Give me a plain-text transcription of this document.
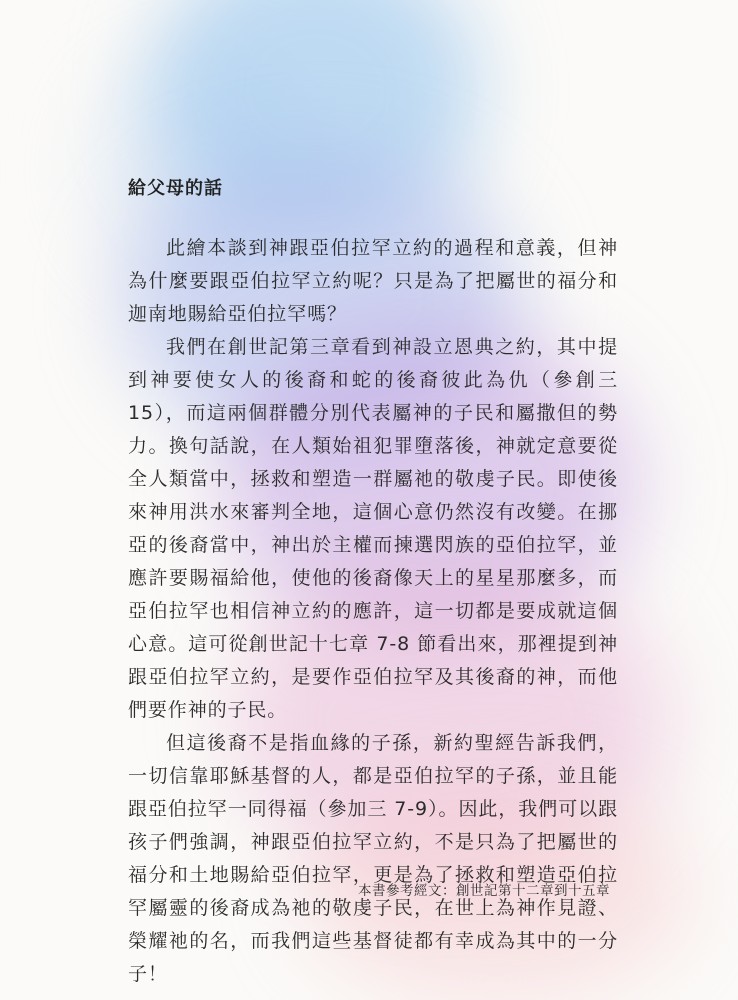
給父母的話

此繪本談到神跟亞伯拉罕立約的過程和意義，但神為什麼要跟亞伯拉罕立約呢？只是為了把屬世的福分和迦南地賜給亞伯拉罕嗎？

我們在創世記第三章看到神設立恩典之約，其中提到神要使女人的後裔和蛇的後裔彼此為仇（參創三 15），而這兩個群體分別代表屬神的子民和屬撒但的勢力。換句話說，在人類始祖犯罪墮落後，神就定意要從全人類當中，拯救和塑造一群屬祂的敬虔子民。即使後來神用洪水來審判全地，這個心意仍然沒有改變。在挪亞的後裔當中，神出於主權而揀選閃族的亞伯拉罕，並應許要賜福給他，使他的後裔像天上的星星那麼多，而亞伯拉罕也相信神立約的應許，這一切都是要成就這個心意。這可從創世記十七章 7-8 節看出來，那裡提到神跟亞伯拉罕立約，是要作亞伯拉罕及其後裔的神，而他們要作神的子民。

但這後裔不是指血緣的子孫，新約聖經告訴我們，一切信靠耶穌基督的人，都是亞伯拉罕的子孫，並且能跟亞伯拉罕一同得福（參加三 7-9）。因此，我們可以跟孩子們強調，神跟亞伯拉罕立約，不是只為了把屬世的福分和土地賜給亞伯拉罕，更是為了拯救和塑造亞伯拉罕屬靈的後裔成為祂的敬虔子民，在世上為神作見證、榮耀祂的名，而我們這些基督徒都有幸成為其中的一分子！

本書參考經文：創世記第十二章到十五章
